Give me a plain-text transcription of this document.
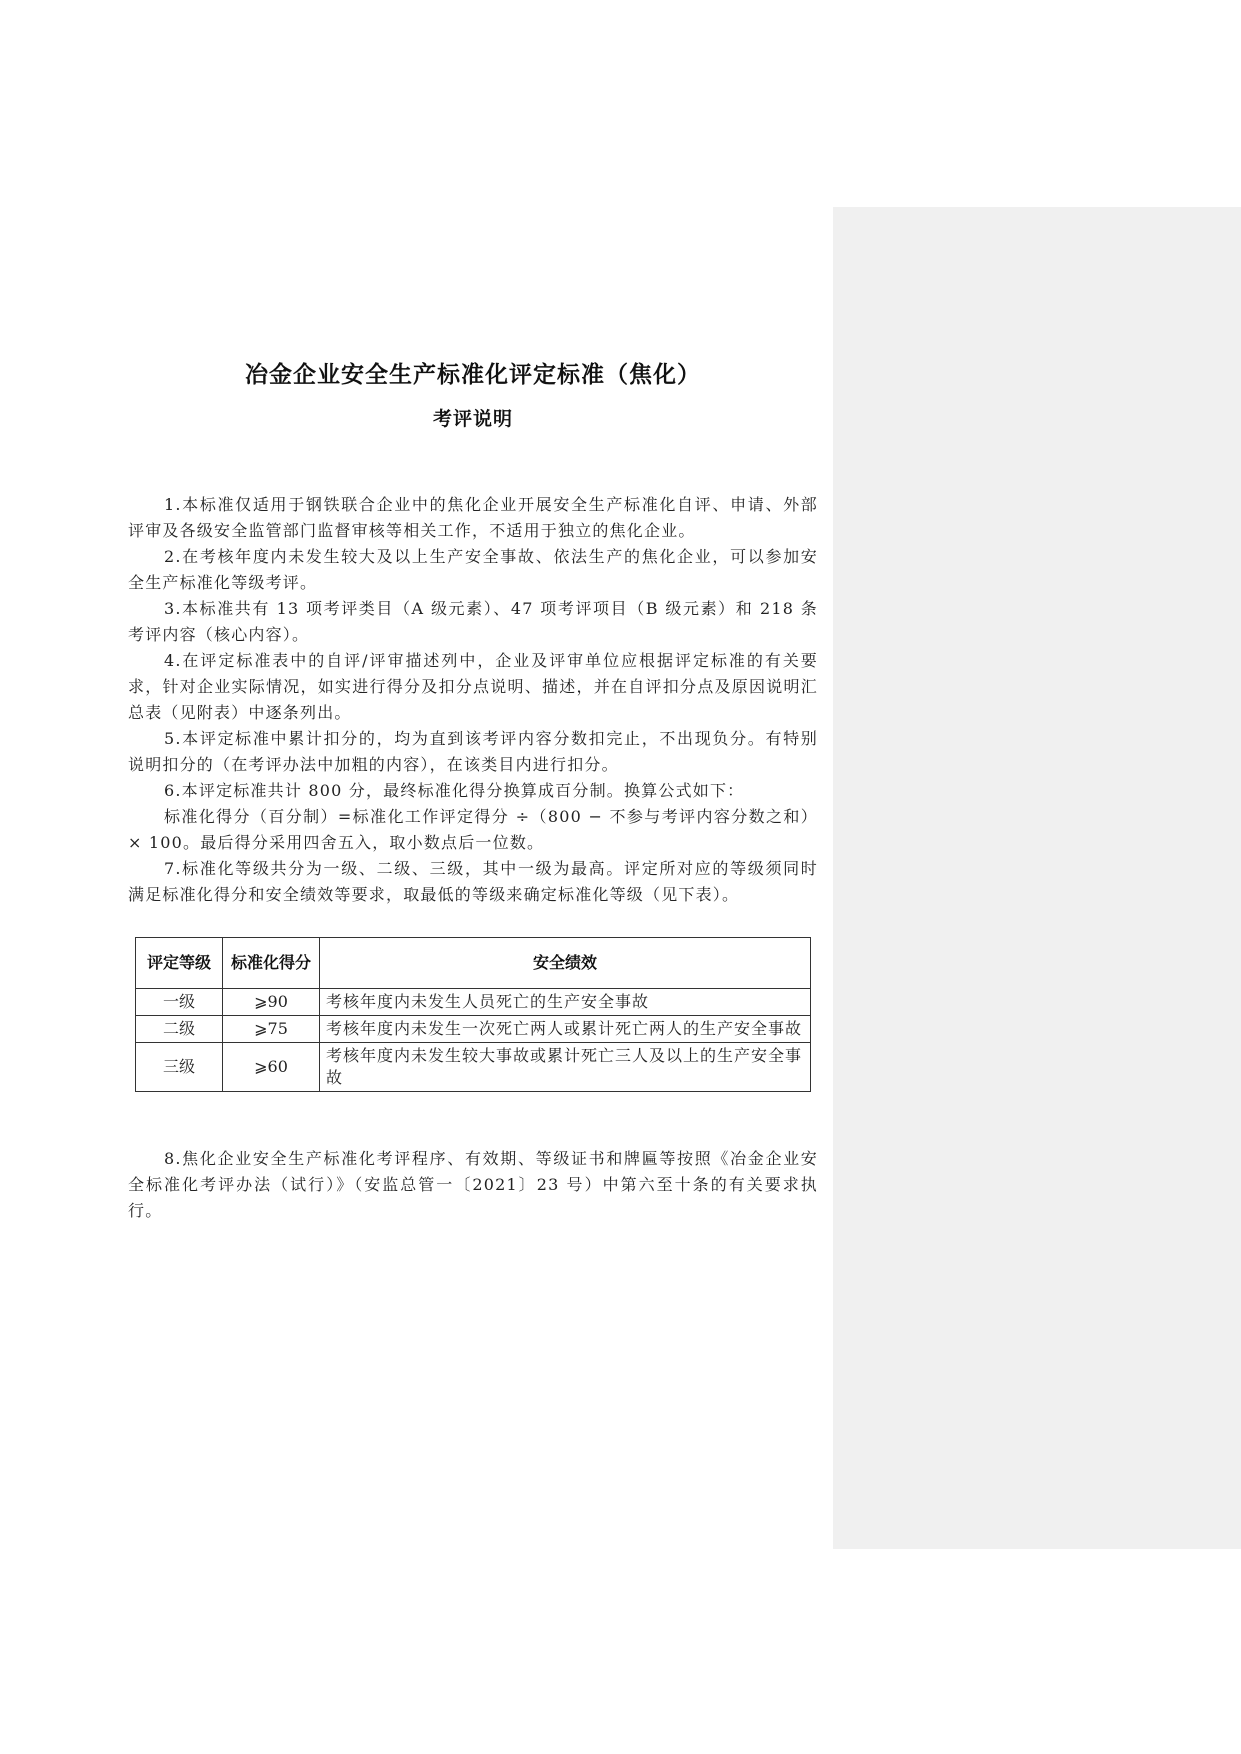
冶金企业安全生产标准化评定标准（焦化）
考评说明

1.本标准仅适用于钢铁联合企业中的焦化企业开展安全生产标准化自评、申请、外部评审及各级安全监管部门监督审核等相关工作，不适用于独立的焦化企业。

2.在考核年度内未发生较大及以上生产安全事故、依法生产的焦化企业，可以参加安全生产标准化等级考评。

3.本标准共有 13 项考评类目（A 级元素）、47 项考评项目（B 级元素）和 218 条考评内容（核心内容）。

4.在评定标准表中的自评/评审描述列中，企业及评审单位应根据评定标准的有关要求，针对企业实际情况，如实进行得分及扣分点说明、描述，并在自评扣分点及原因说明汇总表（见附表）中逐条列出。

5.本评定标准中累计扣分的，均为直到该考评内容分数扣完止，不出现负分。有特别说明扣分的（在考评办法中加粗的内容），在该类目内进行扣分。

6.本评定标准共计 800 分，最终标准化得分换算成百分制。换算公式如下：

标准化得分（百分制）=标准化工作评定得分 ÷（800 − 不参与考评内容分数之和）× 100。最后得分采用四舍五入，取小数点后一位数。

7.标准化等级共分为一级、二级、三级，其中一级为最高。评定所对应的等级须同时满足标准化得分和安全绩效等要求，取最低的等级来确定标准化等级（见下表）。

评定等级	标准化得分	安全绩效
一级	⩾90	考核年度内未发生人员死亡的生产安全事故
二级	⩾75	考核年度内未发生一次死亡两人或累计死亡两人的生产安全事故
三级	⩾60	考核年度内未发生较大事故或累计死亡三人及以上的生产安全事故

8.焦化企业安全生产标准化考评程序、有效期、等级证书和牌匾等按照《冶金企业安全标准化考评办法（试行）》（安监总管一〔2021〕23 号）中第六至十条的有关要求执行。
